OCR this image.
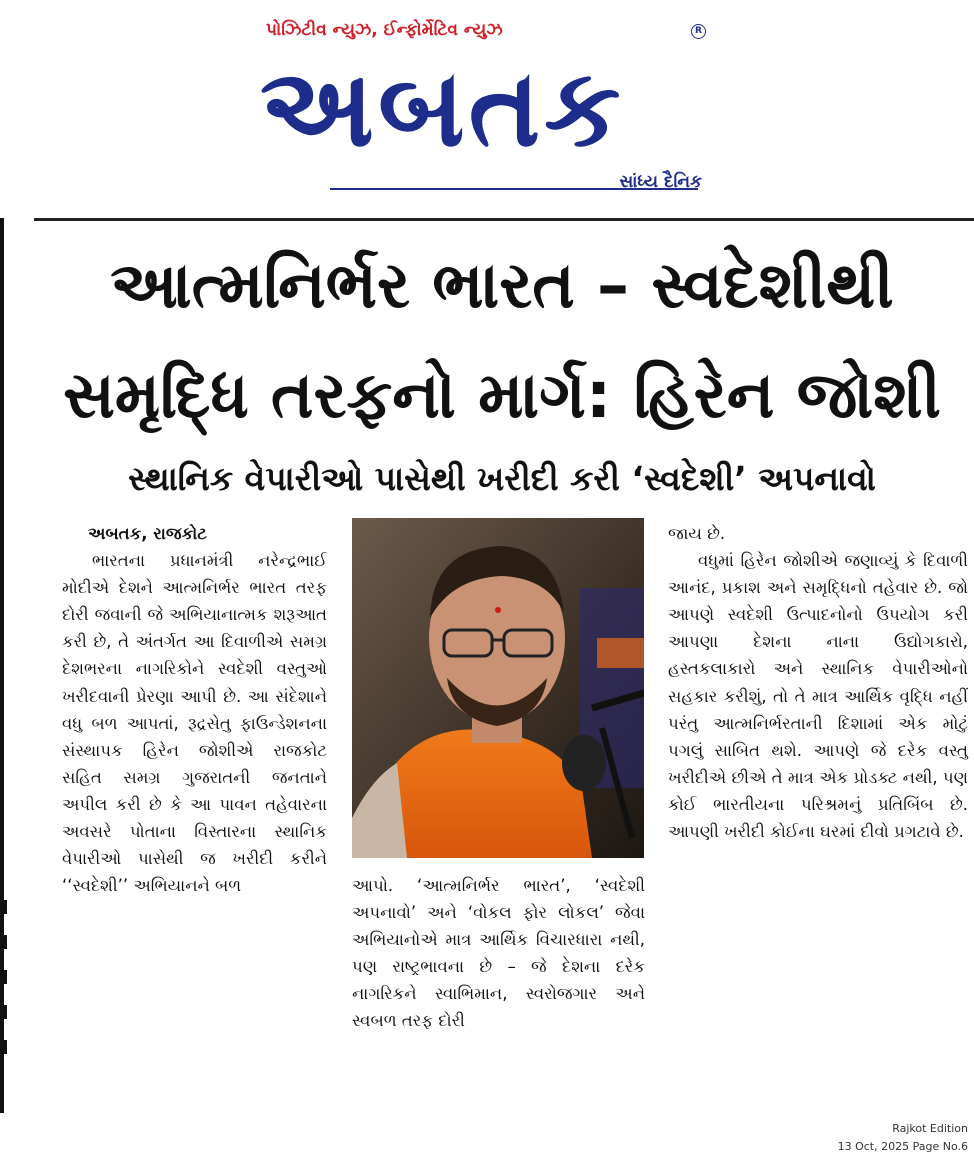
પોઝિટીવ ન્યુઝ, ઈન્ફોર્મેટિવ ન્યુઝ	R
અબતક
સાંધ્ય દૈનિક
આત્મનિર્ભર ભારત – સ્વદેશીથી
સમૃદ્ધિ તરફનો માર્ગ: હિરેન જોશી
સ્થાનિક વેપારીઓ પાસેથી ખરીદી કરી ‘સ્વદેશી’ અપનાવો

અબતક, રાજકોટ

ભારતના પ્રધાનમંત્રી નરેન્દ્રભાઈ મોદીએ દેશને આત્મનિર્ભર ભારત તરફ દોરી જવાની જે અભિયાનાત્મક શરૂઆત કરી છે, તે અંતર્ગત આ દિવાળીએ સમગ્ર દેશભરના નાગરિકોને સ્વદેશી વસ્તુઓ ખરીદવાની પ્રેરણા આપી છે. આ સંદેશાને વધુ બળ આપતાં, રૂદ્રસેતુ ફાઉન્ડેશનના સંસ્થાપક હિરેન જોશીએ રાજકોટ સહિત સમગ્ર ગુજરાતની જનતાને અપીલ કરી છે કે આ પાવન તહેવારના અવસરે પોતાના વિસ્તારના સ્થાનિક વેપારીઓ પાસેથી જ ખરીદી કરીને ‘‘સ્વદેશી’’ અભિયાનને બળ	આપો. ‘આત્મનિર્ભર ભારત’, ‘સ્વદેશી અપનાવો’ અને ‘વોકલ ફોર લોકલ’ જેવા અભિયાનોએ માત્ર આર્થિક વિચારધારા નથી, પણ રાષ્ટ્રભાવના છે – જે દેશના દરેક નાગરિકને સ્વાભિમાન, સ્વરોજગાર અને સ્વબળ તરફ દોરી

જાય છે.

વધુમાં હિરેન જોશીએ જણાવ્યું કે દિવાળી આનંદ, પ્રકાશ અને સમૃદ્ધિનો તહેવાર છે. જો આપણે સ્વદેશી ઉત્પાદનોનો ઉપયોગ કરી આપણા દેશના નાના ઉદ્યોગકારો, હસ્તકલાકારો અને સ્થાનિક વેપારીઓનો સહકાર કરીશું, તો તે માત્ર આર્થિક વૃદ્ધિ નહીં પરંતુ આત્મનિર્ભરતાની દિશામાં એક મોટું પગલું સાબિત થશે. આપણે જે દરેક વસ્તુ ખરીદીએ છીએ તે માત્ર એક પ્રોડક્ટ નથી, પણ કોઈ ભારતીયના પરિશ્રમનું પ્રતિબિંબ છે. આપણી ખરીદી કોઈના ઘરમાં દીવો પ્રગટાવે છે.

Rajkot Edition
13 Oct, 2025 Page No.6
